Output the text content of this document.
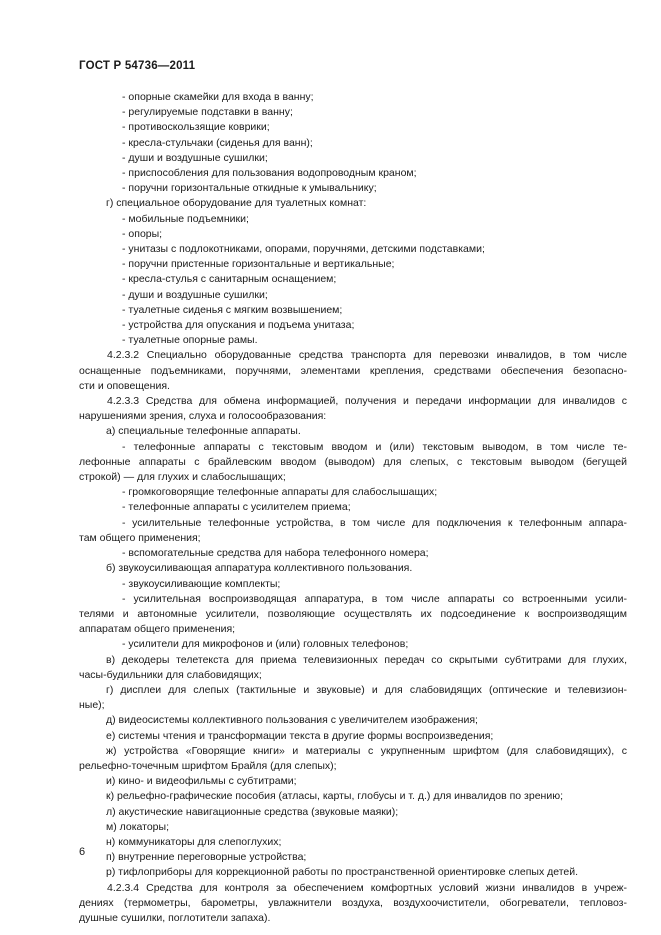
ГОСТ Р 54736—2011
- опорные скамейки для входа в ванну;
- регулируемые подставки в ванну;
- противоскользящие коврики;
- кресла-стульчаки (сиденья для ванн);
- души и воздушные сушилки;
- приспособления для пользования водопроводным краном;
- поручни горизонтальные откидные к умывальнику;
г) специальное оборудование для туалетных комнат:
- мобильные подъемники;
- опоры;
- унитазы с подлокотниками, опорами, поручнями, детскими подставками;
- поручни пристенные горизонтальные и вертикальные;
- кресла-стулья с санитарным оснащением;
- души и воздушные сушилки;
- туалетные сиденья с мягким возвышением;
- устройства для опускания и подъема унитаза;
- туалетные опорные рамы.
4.2.3.2 Специально оборудованные средства транспорта для перевозки инвалидов, в том числе
оснащенные подъемниками, поручнями, элементами крепления, средствами обеспечения безопасно-
сти и оповещения.
4.2.3.3 Средства для обмена информацией, получения и передачи информации для инвалидов с
нарушениями зрения, слуха и голосообразования:
а) специальные телефонные аппараты.
- телефонные аппараты с текстовым вводом и (или) текстовым выводом, в том числе те-
лефонные аппараты с брайлевским вводом (выводом) для слепых, с текстовым выводом (бегущей
строкой) — для глухих и слабослышащих;
- громкоговорящие телефонные аппараты для слабослышащих;
- телефонные аппараты с усилителем приема;
- усилительные телефонные устройства, в том числе для подключения к телефонным аппара-
там общего применения;
- вспомогательные средства для набора телефонного номера;
б) звукоусиливающая аппаратура коллективного пользования.
- звукоусиливающие комплекты;
- усилительная воспроизводящая аппаратура, в том числе аппараты со встроенными усили-
телями и автономные усилители, позволяющие осуществлять их подсоединение к воспроизводящим
аппаратам общего применения;
- усилители для микрофонов и (или) головных телефонов;
в) декодеры телетекста для приема телевизионных передач со скрытыми субтитрами для глухих,
часы-будильники для слабовидящих;
г) дисплеи для слепых (тактильные и звуковые) и для слабовидящих (оптические и телевизион-
ные);
д) видеосистемы коллективного пользования с увеличителем изображения;
е) системы чтения и трансформации текста в другие формы воспроизведения;
ж) устройства «Говорящие книги» и материалы с укрупненным шрифтом (для слабовидящих), с
рельефно-точечным шрифтом Брайля (для слепых);
и) кино- и видеофильмы с субтитрами;
к) рельефно-графические пособия (атласы, карты, глобусы и т. д.) для инвалидов по зрению;
л) акустические навигационные средства (звуковые маяки);
м) локаторы;
н) коммуникаторы для слепоглухих;
п) внутренние переговорные устройства;
р) тифлоприборы для коррекционной работы по пространственной ориентировке слепых детей.
4.2.3.4 Средства для контроля за обеспечением комфортных условий жизни инвалидов в учреж-
дениях (термометры, барометры, увлажнители воздуха, воздухоочистители, обогреватели, тепловоз-
душные сушилки, поглотители запаха).
6
